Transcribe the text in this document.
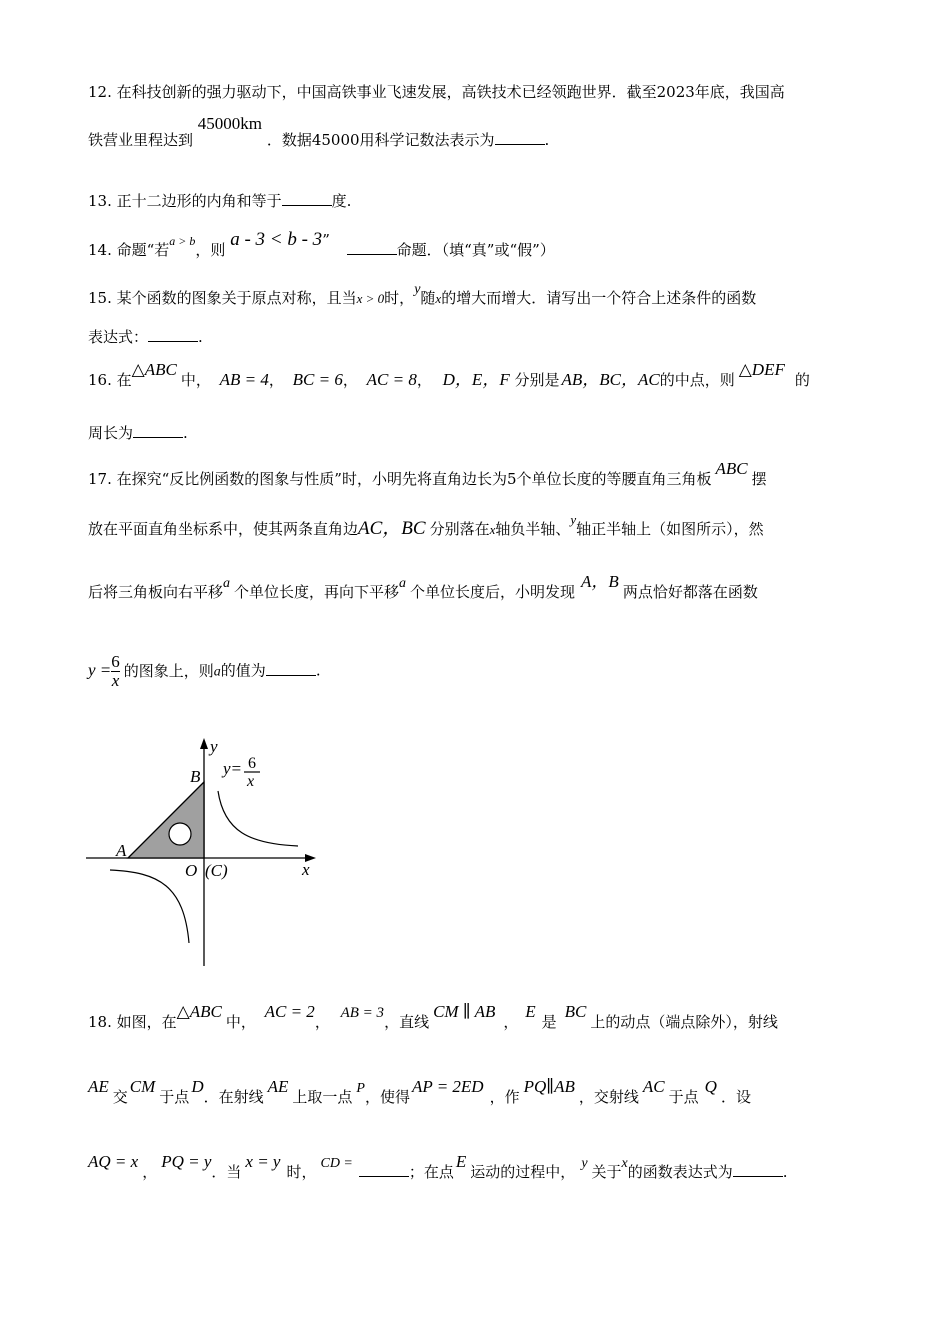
12. 在科技创新的强力驱动下，中国高铁事业飞速发展，高铁技术已经领跑世界．截至2023年底，我国高
铁营业里程达到 45000km ．数据45000用科学记数法表示为	.
13. 正十二边形的内角和等于	度.
14. 命题“若$^{a > b}$，则 a - 3 < b - 3” 命题．（填“真”或“假”）
15. 某个函数的图象关于原点对称，且当x > 0时，y随x的增大而增大．请写出一个符合上述条件的函数
表达式：	.
16. 在△ABC中， AB = 4， BC = 6， AC = 8， D，E，F 分别是 AB，BC，AC的中点，则△DEF的
周长为	.
17. 在探究“反比例函数的图象与性质”时，小明先将直角边长为5个单位长度的等腰直角三角板ABC摆
放在平面直角坐标系中，使其两条直角边AC，BC 分别落在x轴负半轴、y轴正半轴上（如图所示），然
后将三角板向右平移a 个单位长度，再向下平移a 个单位长度后，小明发现A，B两点恰好都落在函数
$y = \frac{6}{x}$ 的图象上，则a的值为	.
y
x
O (C)
A
B y= 6
x
18. 如图，在△ABC中， AC = 2， AB = 3，直线CM ∥ AB， E是BC上的动点（端点除外），射线
AE交CM于点D．在射线AE上取一点 P，使得AP = 2ED，作PQ∥AB，交射线AC于点Q．设
AQ = x，PQ = y．当x = y时， CD =	；在点E运动的过程中， y 关于x的函数表达式为	.
